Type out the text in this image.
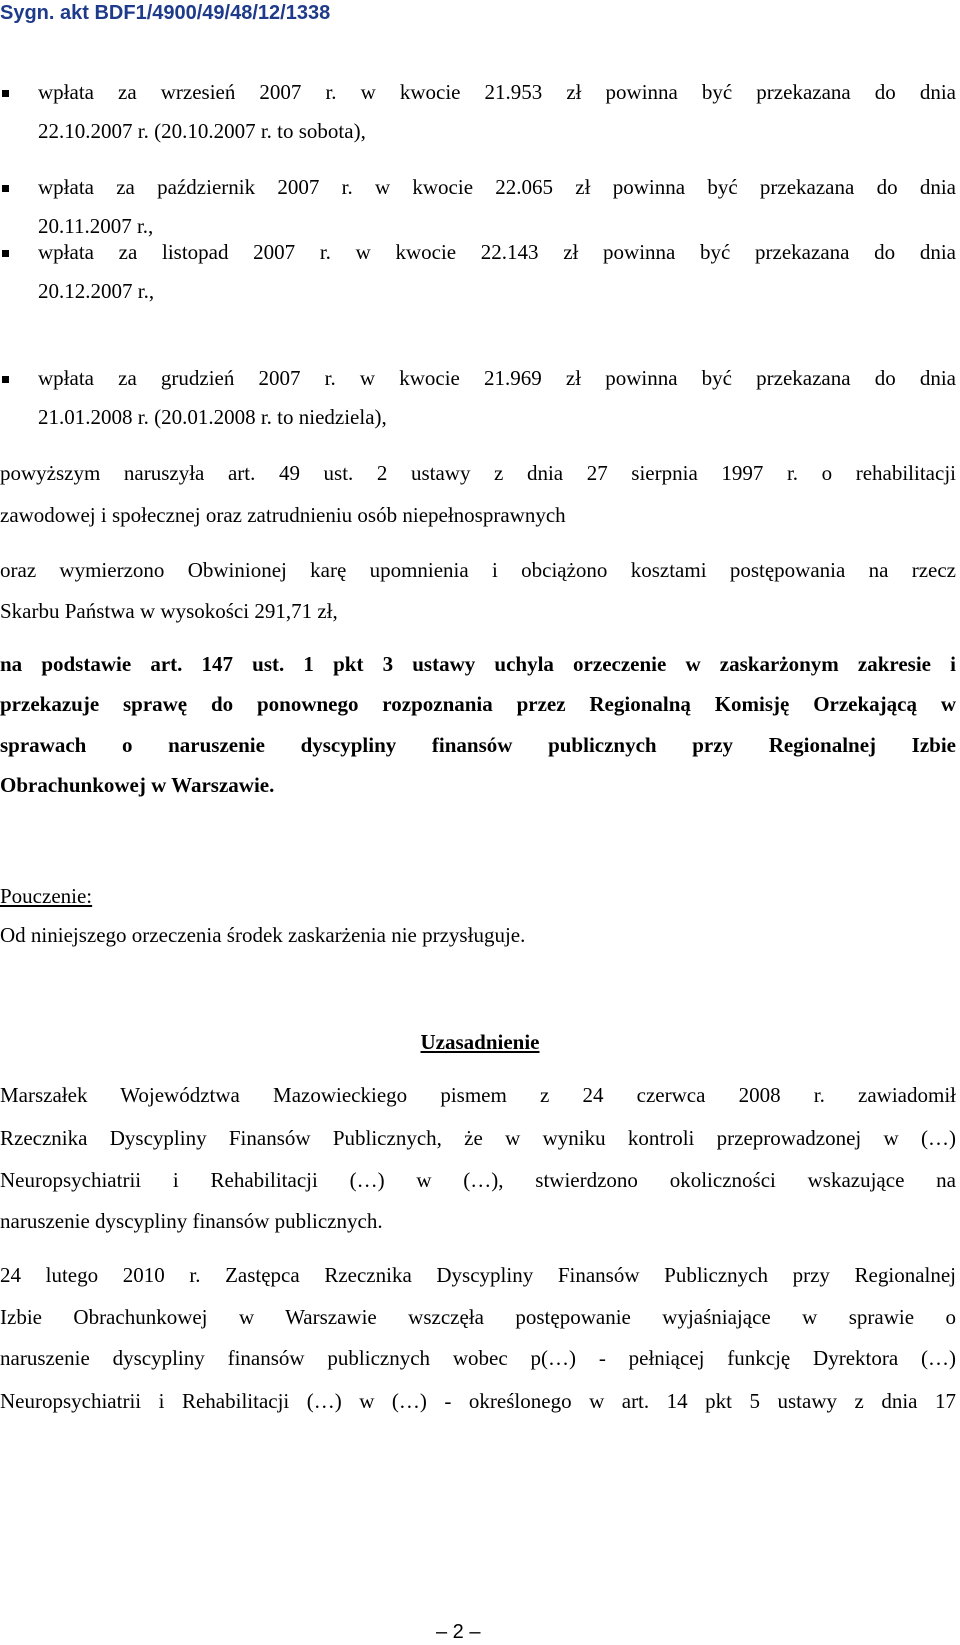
Sygn. akt BDF1/4900/49/48/12/1338
wpłata za wrzesień 2007 r. w kwocie 21.953 zł powinna być przekazana do dnia
22.10.2007 r. (20.10.2007 r. to sobota),
wpłata za październik 2007 r. w kwocie 22.065 zł powinna być przekazana do dnia
20.11.2007 r.,
wpłata za listopad 2007 r. w kwocie 22.143 zł powinna być przekazana do dnia
20.12.2007 r.,
wpłata za grudzień 2007 r. w kwocie 21.969 zł powinna być przekazana do dnia
21.01.2008 r. (20.01.2008 r. to niedziela),
powyższym naruszyła art. 49 ust. 2 ustawy z dnia 27 sierpnia 1997 r. o rehabilitacji
zawodowej i społecznej oraz zatrudnieniu osób niepełnosprawnych
oraz wymierzono Obwinionej karę upomnienia i obciążono kosztami postępowania na rzecz
Skarbu Państwa w wysokości 291,71 zł,
na podstawie art. 147 ust. 1 pkt 3 ustawy uchyla orzeczenie w zaskarżonym zakresie i
przekazuje sprawę do ponownego rozpoznania przez Regionalną Komisję Orzekającą w
sprawach o naruszenie dyscypliny finansów publicznych przy Regionalnej Izbie
Obrachunkowej w Warszawie.
Pouczenie:
Od niniejszego orzeczenia środek zaskarżenia nie przysługuje.
Uzasadnienie
Marszałek Województwa Mazowieckiego pismem z 24 czerwca 2008 r. zawiadomił
Rzecznika Dyscypliny Finansów Publicznych, że w wyniku kontroli przeprowadzonej w (…)
Neuropsychiatrii i Rehabilitacji (…) w (…), stwierdzono okoliczności wskazujące na
naruszenie dyscypliny finansów publicznych.
24 lutego 2010 r. Zastępca Rzecznika Dyscypliny Finansów Publicznych przy Regionalnej
Izbie Obrachunkowej w Warszawie wszczęła postępowanie wyjaśniające w sprawie o
naruszenie dyscypliny finansów publicznych wobec p(…) - pełniącej funkcję Dyrektora (…)
Neuropsychiatrii i Rehabilitacji (…) w (…) - określonego w art. 14 pkt 5 ustawy z dnia 17
– 2 –
